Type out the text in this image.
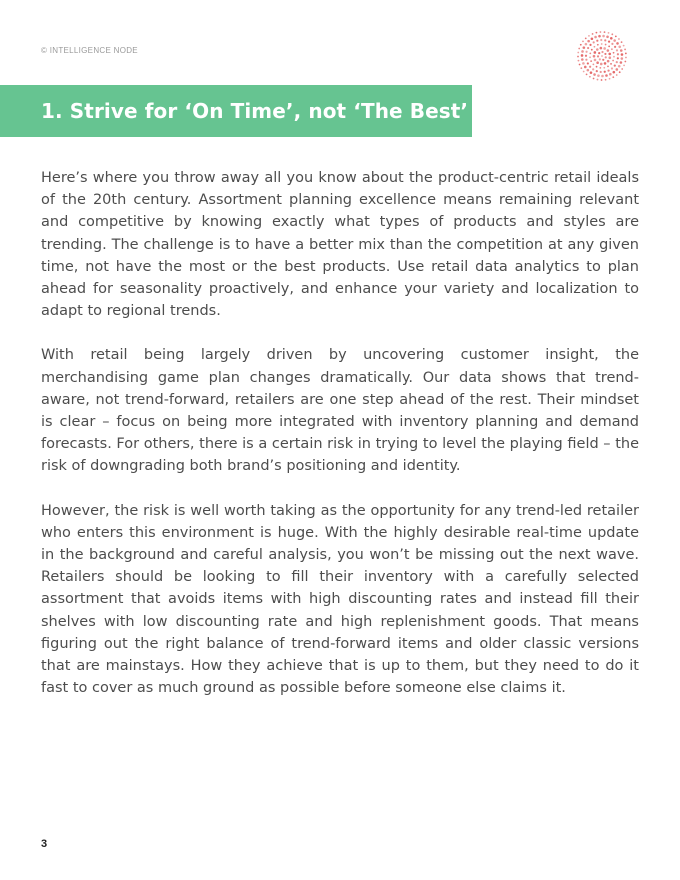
© INTELLIGENCE NODE
1. Strive for ‘On Time’, not ‘The Best’

Here’s where you throw away all you know about the product-centric retail ideals of the 20th century. Assortment planning excellence means remaining relevant and competitive by knowing exactly what types of products and styles are trending. The challenge is to have a better mix than the competition at any given time, not have the most or the best products. Use retail data analytics to plan ahead for seasonality proactively, and enhance your variety and localization to adapt to regional trends.

With retail being largely driven by uncovering customer insight, the merchandising game plan changes dramatically. Our data shows that trend-aware, not trend-forward, retailers are one step ahead of the rest. Their mindset is clear – focus on being more integrated with inventory planning and demand forecasts. For others, there is a certain risk in trying to level the playing field – the risk of downgrading both brand’s positioning and identity.

However, the risk is well worth taking as the opportunity for any trend-led retailer who enters this environment is huge. With the highly desirable real-time update in the background and careful analysis, you won’t be missing out the next wave. Retailers should be looking to fill their inventory with a carefully selected assortment that avoids items with high discounting rates and instead fill their shelves with low discounting rate and high replenishment goods. That means figuring out the right balance of trend-forward items and older classic versions that are mainstays. How they achieve that is up to them, but they need to do it fast to cover as much ground as possible before someone else claims it.

3
